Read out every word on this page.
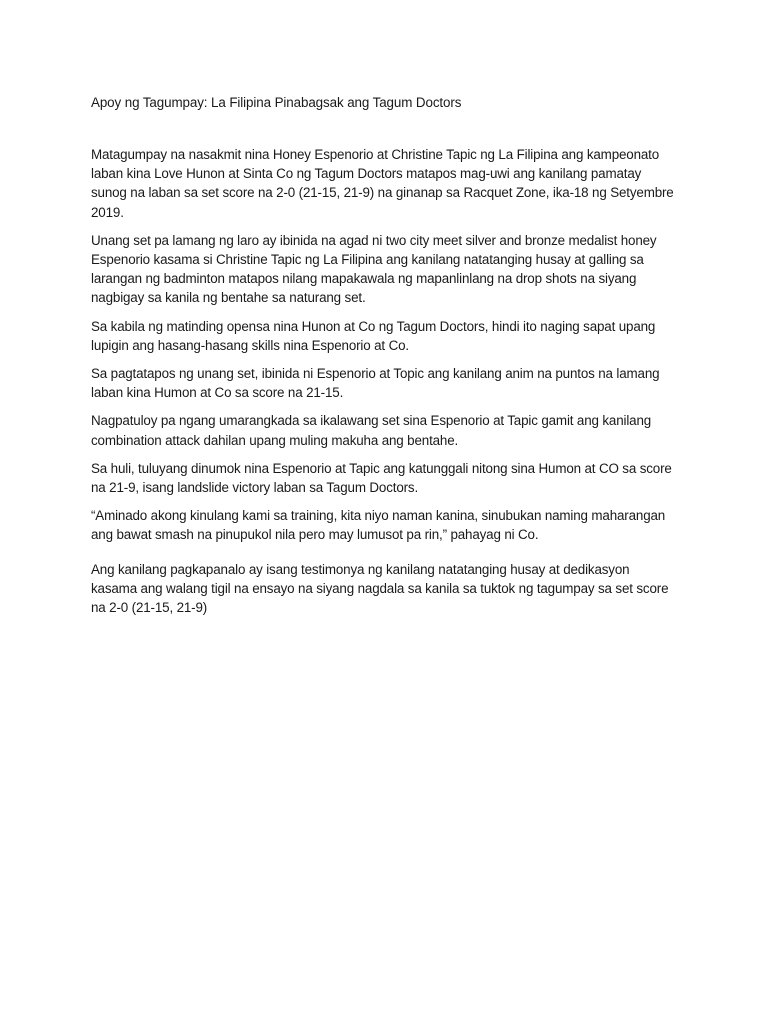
Apoy ng Tagumpay: La Filipina Pinabagsak ang Tagum Doctors

Matagumpay na nasakmit nina Honey Espenorio at Christine Tapic ng La Filipina ang kampeonato laban kina Love Hunon at Sinta Co ng Tagum Doctors matapos mag-uwi ang kanilang pamatay sunog na laban sa set score na 2-0 (21-15, 21-9) na ginanap sa Racquet Zone, ika-18 ng Setyembre 2019.

Unang set pa lamang ng laro ay ibinida na agad ni two city meet silver and bronze medalist honey Espenorio kasama si Christine Tapic ng La Filipina ang kanilang natatanging husay at galling sa larangan ng badminton matapos nilang mapakawala ng mapanlinlang na drop shots na siyang nagbigay sa kanila ng bentahe sa naturang set.

Sa kabila ng matinding opensa nina Hunon at Co ng Tagum Doctors, hindi ito naging sapat upang lupigin ang hasang-hasang skills nina Espenorio at Co.

Sa pagtatapos ng unang set, ibinida ni Espenorio at Topic ang kanilang anim na puntos na lamang laban kina Humon at Co sa score na 21-15.

Nagpatuloy pa ngang umarangkada sa ikalawang set sina Espenorio at Tapic gamit ang kanilang combination attack dahilan upang muling makuha ang bentahe.

Sa huli, tuluyang dinumok nina Espenorio at Tapic ang katunggali nitong sina Humon at CO sa score na 21-9, isang landslide victory laban sa Tagum Doctors.

“Aminado akong kinulang kami sa training, kita niyo naman kanina, sinubukan naming maharangan ang bawat smash na pinupukol nila pero may lumusot pa rin,” pahayag ni Co.

Ang kanilang pagkapanalo ay isang testimonya ng kanilang natatanging husay at dedikasyon kasama ang walang tigil na ensayo na siyang nagdala sa kanila sa tuktok ng tagumpay sa set score na 2-0 (21-15, 21-9)
